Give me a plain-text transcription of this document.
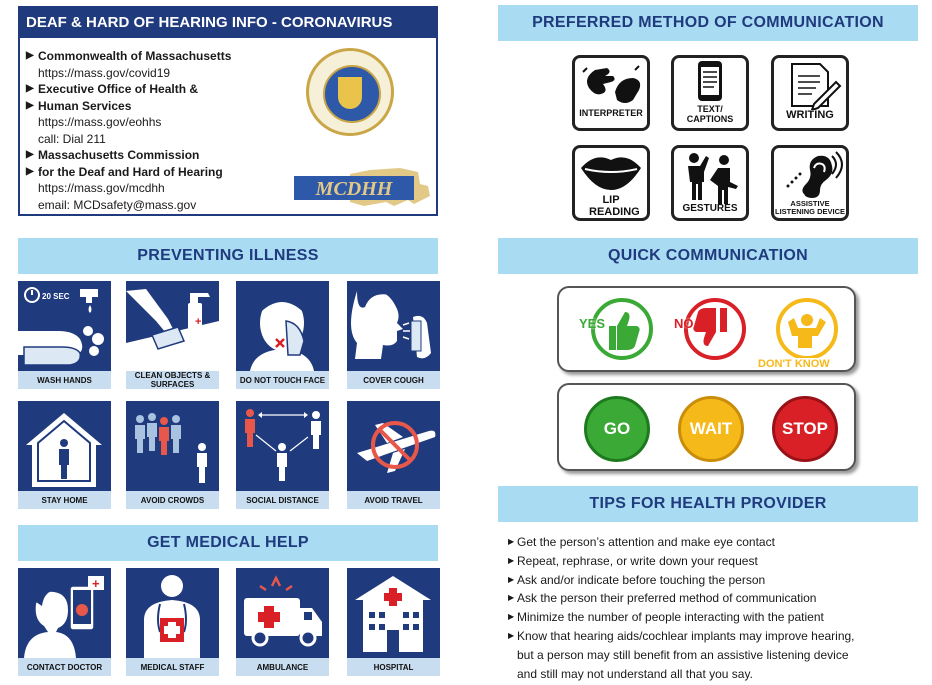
DEAF & HARD OF HEARING INFO - CORONAVIRUS
▶ Commonwealth of Massachusetts
https://mass.gov/covid19
▶ Executive Office of Health &
▶ Human Services
https://mass.gov/eohhs
call: Dial 211
▶ Massachusetts Commission
▶ for the Deaf and Hard of Hearing
https://mass.gov/mcdhh
email: MCDsafety@mass.gov
MCDHH
PREVENTING ILLNESS
20 SEC
WASH HANDS
+
CLEAN OBJECTS & SURFACES	DO NOT TOUCH FACE	COVER COUGH
STAY HOME	AVOID CROWDS	SOCIAL DISTANCE	AVOID TRAVEL
GET MEDICAL HELP
+
CONTACT DOCTOR	MEDICAL STAFF	AMBULANCE	HOSPITAL
PREFERRED METHOD OF COMMUNICATION
INTERPRETER	TEXT/ CAPTIONS	WRITING
LIP READING	GESTURES	ASSISTIVE LISTENING DEVICE
QUICK COMMUNICATION
YES	NO
DON'T KNOW
GO	WAIT	STOP
TIPS FOR HEALTH PROVIDER
▶ Get the person’s attention and make eye contact
▶ Repeat, rephrase, or write down your request
▶ Ask and/or indicate before touching the person
▶ Ask the person their preferred method of communication
▶ Minimize the number of people interacting with the patient
▶ Know that hearing aids/cochlear implants may improve hearing,
but a person may still benefit from an assistive listening device
and still may not understand all that you say.
